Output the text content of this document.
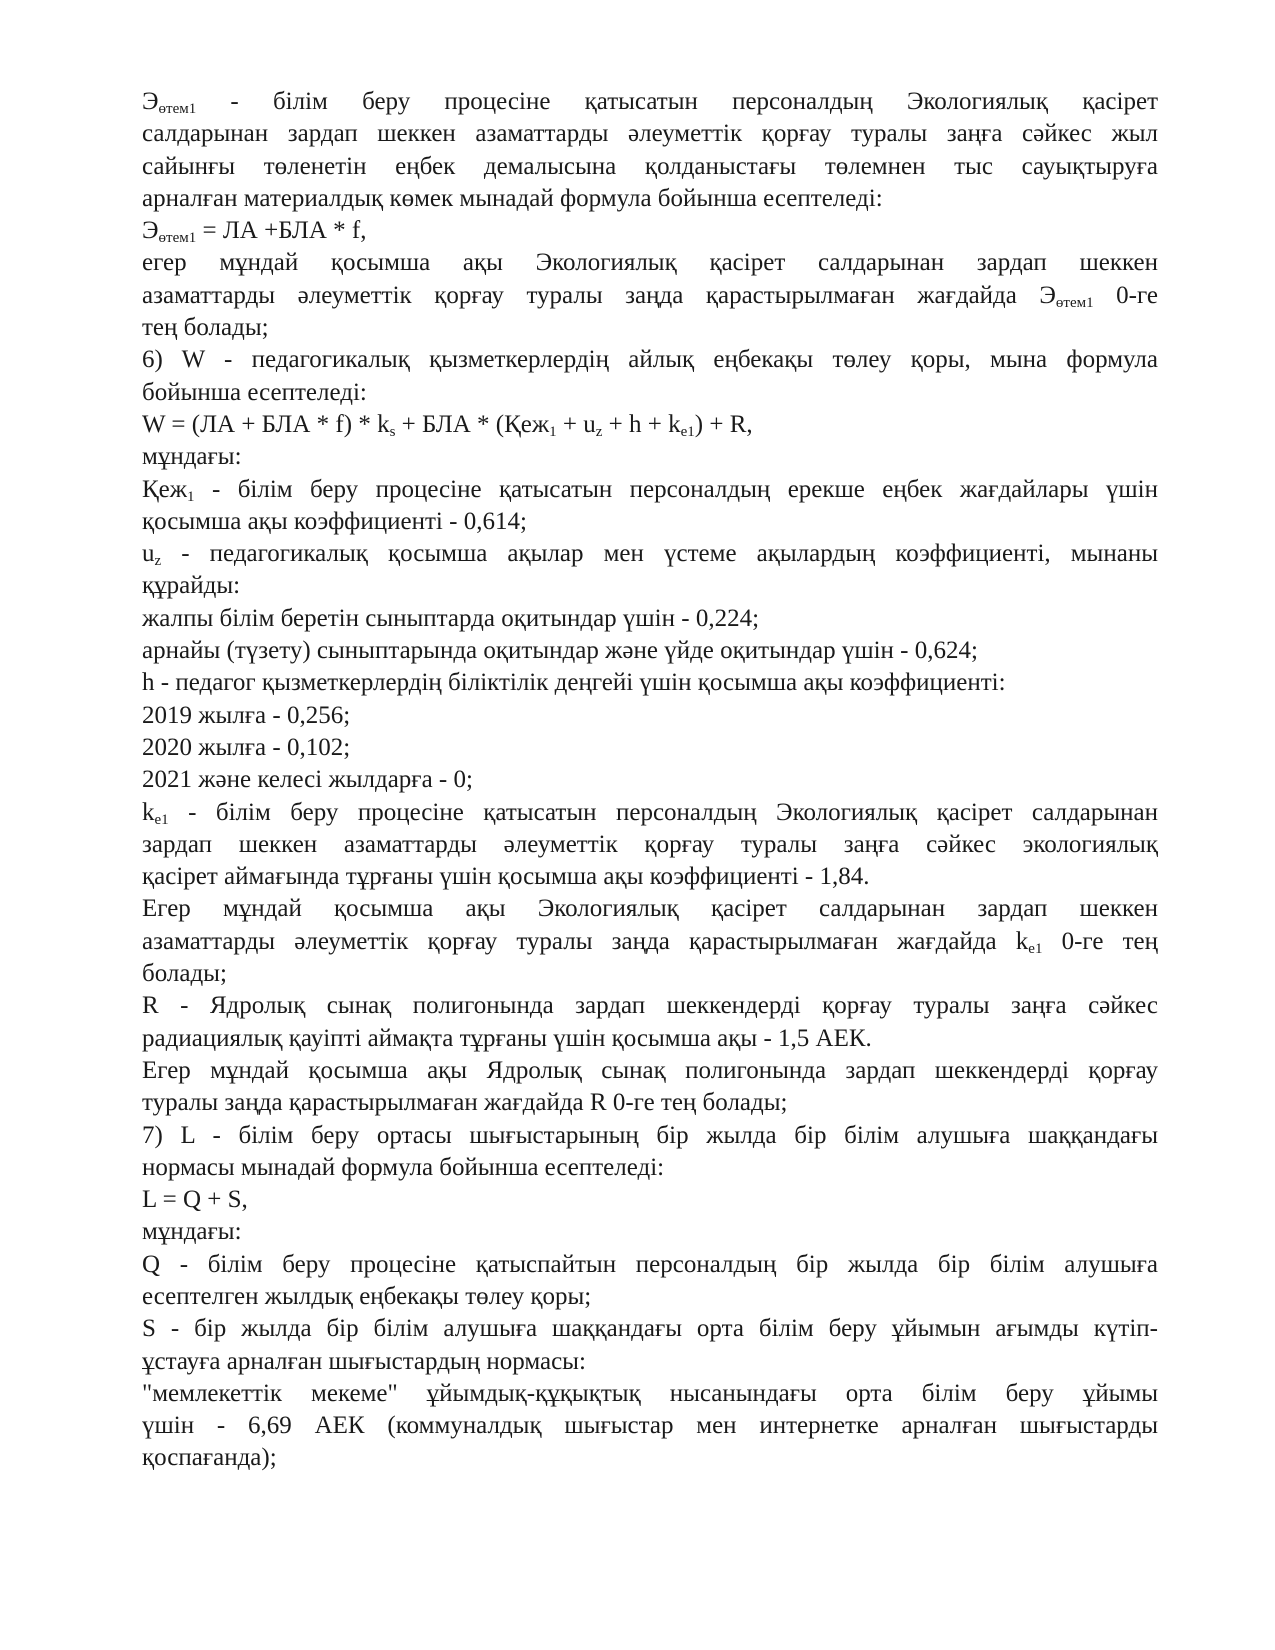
$Э_{өтем1}$ - білім беру процесіне қатысатын персоналдың Экологиялық қасірет
салдарынан зардап шеккен азаматтарды әлеуметтік қорғау туралы заңға сәйкес жыл
сайынғы төленетін еңбек демалысына қолданыстағы төлемнен тыс сауықтыруға
арналған материалдық көмек мынадай формула бойынша есептеледі:
$Э_{өтем1}$ = ЛА +БЛА * f,
егер мұндай қосымша ақы Экологиялық қасірет салдарынан зардап шеккен
азаматтарды әлеуметтік қорғау туралы заңда қарастырылмаған жағдайда $Э_{өтем1}$ 0-ге
тең болады;
6) W - педагогикалық қызметкерлердің айлық еңбекақы төлеу қоры, мына формула
бойынша есептеледі:
W = (ЛА + БЛА * $f) * k_s$ + БЛА * $(Қеж_1 + u_z + h + k_{e1}) + R$,
мұндағы:
Қеж$_1$ - білім беру процесіне қатысатын персоналдың ерекше еңбек жағдайлары үшін
қосымша ақы коэффициенті - 0,614;
$u_z$ - педагогикалық қосымша ақылар мен үстеме ақылардың коэффициенті, мынаны
құрайды:
жалпы білім беретін сыныптарда оқитындар үшін - 0,224;
арнайы (түзету) сыныптарында оқитындар және үйде оқитындар үшін - 0,624;
h - педагог қызметкерлердің біліктілік деңгейі үшін қосымша ақы коэффициенті:
2019 жылға - 0,256;
2020 жылға - 0,102;
2021 және келесі жылдарға - 0;
$k_{e1}$ - білім беру процесіне қатысатын персоналдың Экологиялық қасірет салдарынан
зардап шеккен азаматтарды әлеуметтік қорғау туралы заңға сәйкес экологиялық
қасірет аймағында тұрғаны үшін қосымша ақы коэффициенті - 1,84.
Егер мұндай қосымша ақы Экологиялық қасірет салдарынан зардап шеккен
азаматтарды әлеуметтік қорғау туралы заңда қарастырылмаған жағдайда $k_{e1}$ 0-ге тең
болады;
R - Ядролық сынақ полигонында зардап шеккендерді қорғау туралы заңға сәйкес
радиациялық қауіпті аймақта тұрғаны үшін қосымша ақы - 1,5 АЕК.
Егер мұндай қосымша ақы Ядролық сынақ полигонында зардап шеккендерді қорғау
туралы заңда қарастырылмаған жағдайда R 0-ге тең болады;
7) L - білім беру ортасы шығыстарының бір жылда бір білім алушыға шаққандағы
нормасы мынадай формула бойынша есептеледі:
L = Q + S,
мұндағы:
Q - білім беру процесіне қатыспайтын персоналдың бір жылда бір білім алушыға
есептелген жылдық еңбекақы төлеу қоры;
S - бір жылда бір білім алушыға шаққандағы орта білім беру ұйымын ағымды күтіп-
ұстауға арналған шығыстардың нормасы:
"мемлекеттік мекеме" ұйымдық-құқықтық нысанындағы орта білім беру ұйымы
үшін - 6,69 АЕК (коммуналдық шығыстар мен интернетке арналған шығыстарды
қоспағанда);
